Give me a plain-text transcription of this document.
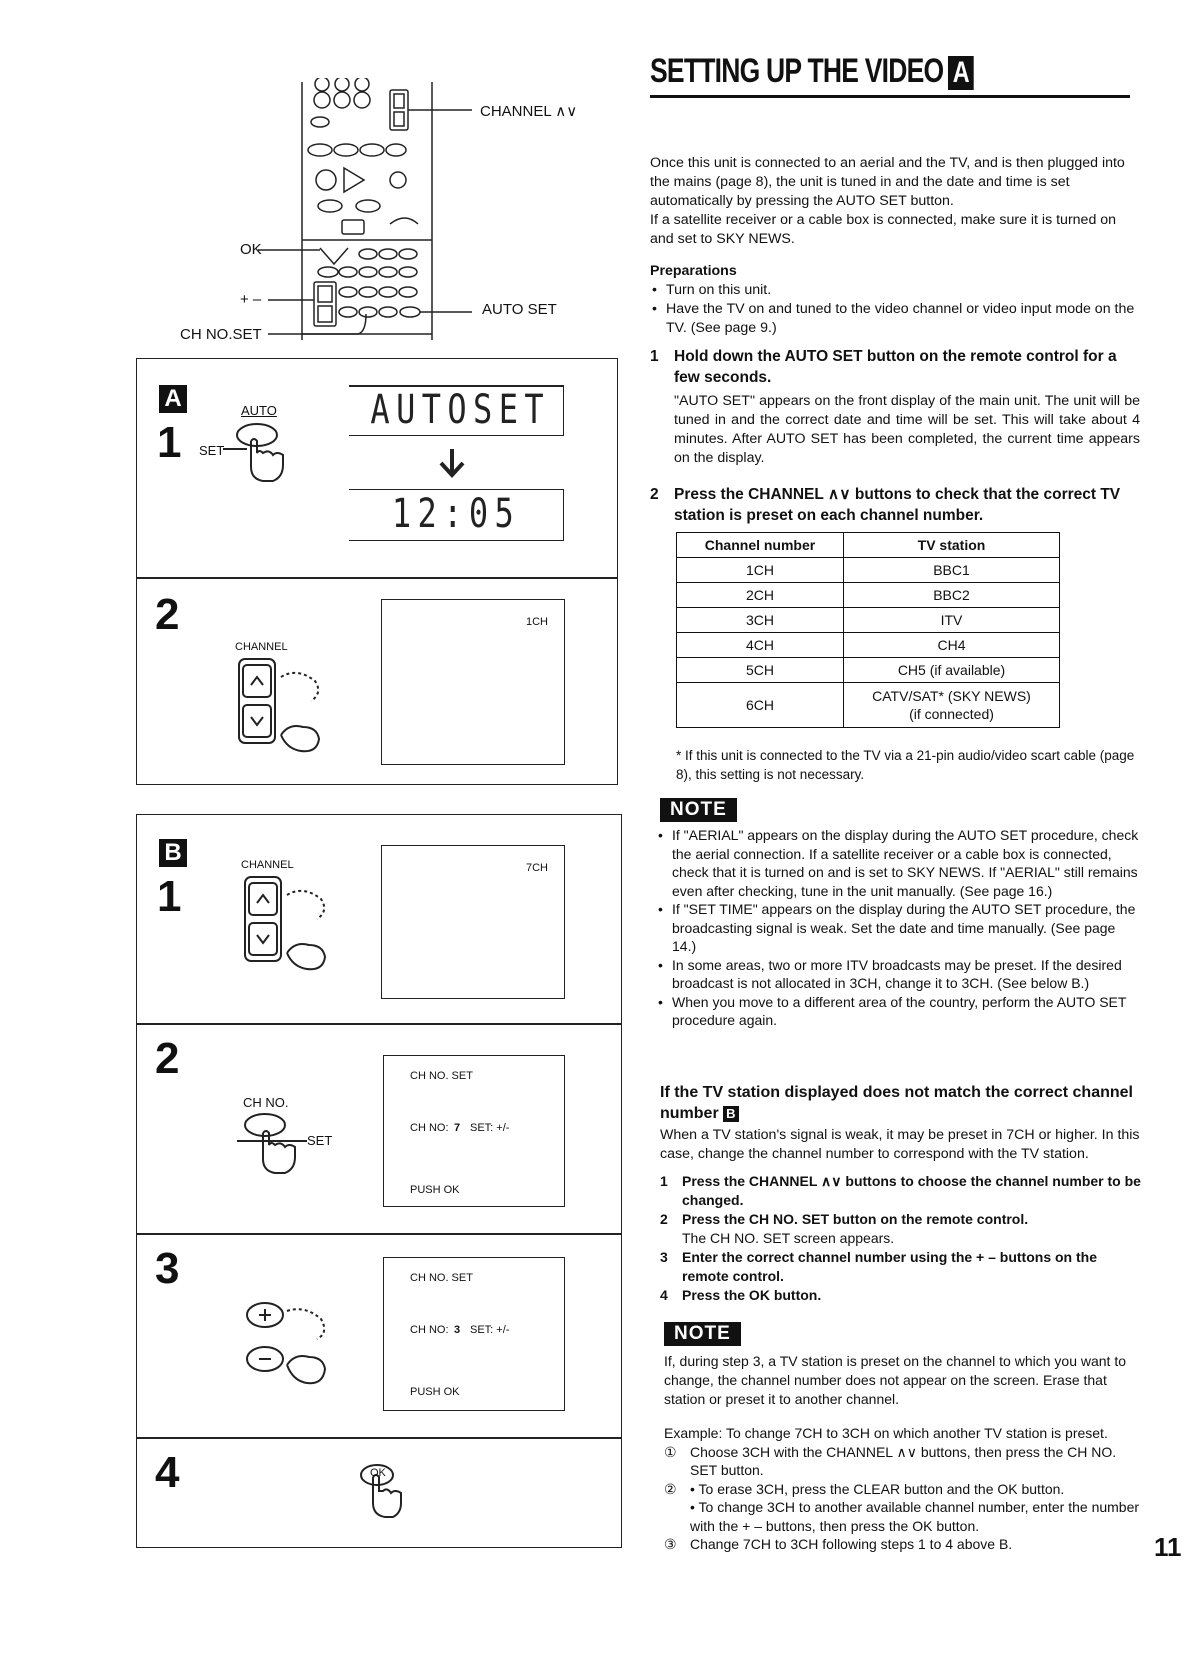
SETTING UP THE VIDEO A

Once this unit is connected to an aerial and the TV, and is then plugged into the mains (page 8), the unit is tuned in and the date and time is set automatically by pressing the AUTO SET button.

If a satellite receiver or a cable box is connected, make sure it is turned on and set to SKY NEWS.

Preparations

• Turn on this unit.

• Have the TV on and tuned to the video channel or video input mode on the TV. (See page 9.)

1 Hold down the AUTO SET button on the remote control for a few seconds.
"AUTO SET" appears on the front display of the main unit. The unit will be tuned in and the correct date and time will be set. This will take about 4 minutes. After AUTO SET has been completed, the current time appears on the display.
2 Press the CHANNEL ∧∨ buttons to check that the correct TV station is preset on each channel number.
Channel number	TV station
1CH	BBC1
2CH	BBC2
3CH	ITV
4CH	CH4
5CH	CH5 (if available)
6CH	CATV/SAT* (SKY NEWS)
(if connected)
* If this unit is connected to the TV via a 21-pin audio/video scart cable (page 8), this setting is not necessary.
NOTE

• If "AERIAL" appears on the display during the AUTO SET procedure, check the aerial connection. If a satellite receiver or a cable box is connected, check that it is turned on and is set to SKY NEWS. If "AERIAL" still remains even after checking, tune in the unit manually. (See page 16.)

• If "SET TIME" appears on the display during the AUTO SET procedure, the broadcasting signal is weak. Set the date and time manually. (See page 14.)

• In some areas, two or more ITV broadcasts may be preset. If the desired broadcast is not allocated in 3CH, change it to 3CH. (See below B.)

• When you move to a different area of the country, perform the AUTO SET procedure again.

If the TV station displayed does not match the correct channel number B
When a TV station's signal is weak, it may be preset in 7CH or higher. In this case, change the channel number to correspond with the TV station.
1 Press the CHANNEL ∧∨ buttons to choose the channel number to be changed.
2 Press the CH NO. SET button on the remote control.
The CH NO. SET screen appears.
3 Enter the correct channel number using the + – buttons on the remote control.
4 Press the OK button.
NOTE
If, during step 3, a TV station is preset on the channel to which you want to change, the channel number does not appear on the screen. Erase that station or preset it to another channel.

Example: To change 7CH to 3CH on which another TV station is preset.

① Choose 3CH with the CHANNEL ∧∨ buttons, then press the CH NO. SET button.
② • To erase 3CH, press the CLEAR button and the OK button.
• To change 3CH to another available channel number, enter the number with the + – buttons, then press the OK button.
③ Change 7CH to 3CH following steps 1 to 4 above B.	11
CHANNEL ∧∨
OK
+ –
AUTO SET
CH NO.SET
A
1
AUTO
SET
AUTOSET
12:05
2
CHANNEL
1CH
B
1
CHANNEL	7CH
2
CH NO.
SET
CH NO. SET
CH NO: 7 SET: +/-
PUSH OK
3	CH NO. SET
CH NO: 3 SET: +/-
PUSH OK
4	OK
